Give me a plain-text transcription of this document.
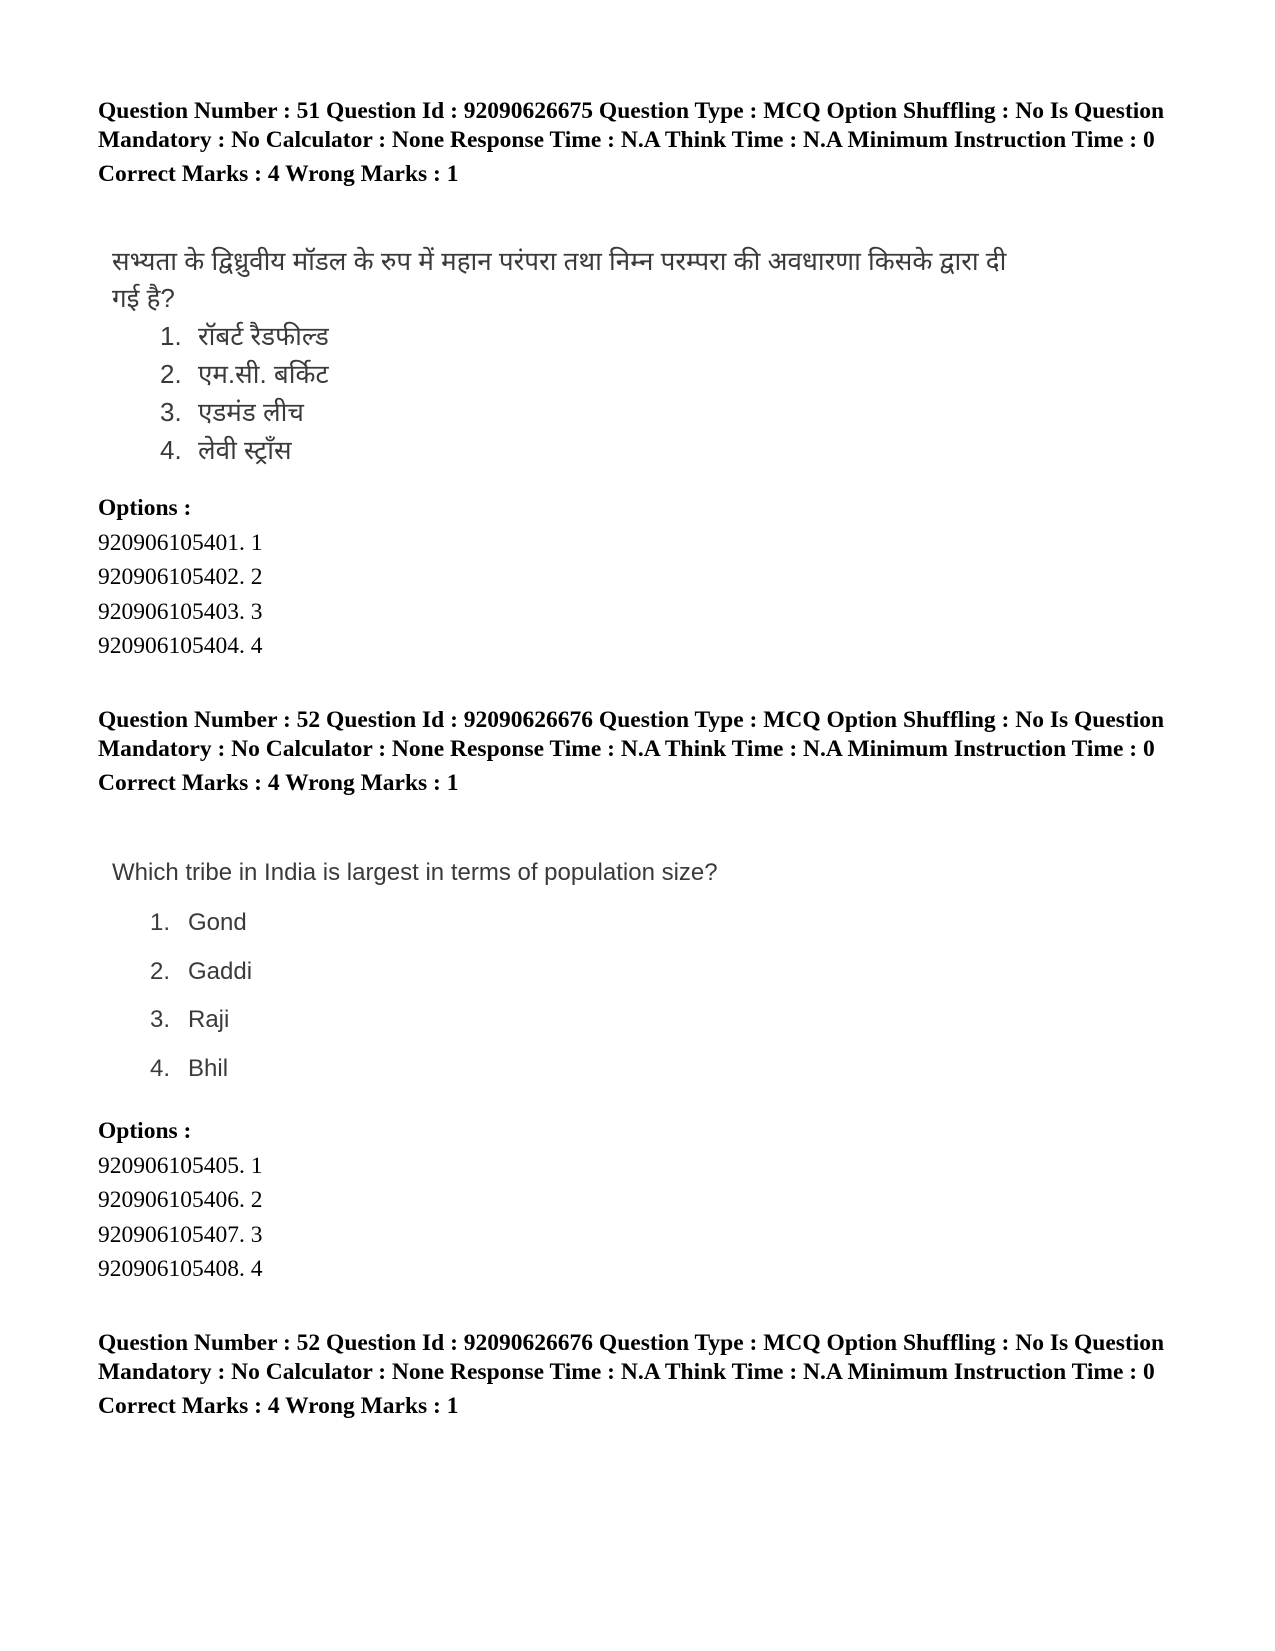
Question Number : 51 Question Id : 92090626675 Question Type : MCQ Option Shuffling : No Is Question Mandatory : No Calculator : None Response Time : N.A Think Time : N.A Minimum Instruction Time : 0
Correct Marks : 4 Wrong Marks : 1
सभ्यता के द्विध्रुवीय मॉडल के रुप में महान परंपरा तथा निम्न परम्परा की अवधारणा किसके द्वारा दी गई है?
1. रॉबर्ट रैडफील्ड
2. एम.सी. बर्किट
3. एडमंड लीच
4. लेवी स्ट्राँस
Options :
920906105401. 1
920906105402. 2
920906105403. 3
920906105404. 4
Question Number : 52 Question Id : 92090626676 Question Type : MCQ Option Shuffling : No Is Question Mandatory : No Calculator : None Response Time : N.A Think Time : N.A Minimum Instruction Time : 0
Correct Marks : 4 Wrong Marks : 1
Which tribe in India is largest in terms of population size?
1. Gond
2. Gaddi
3. Raji
4. Bhil
Options :
920906105405. 1
920906105406. 2
920906105407. 3
920906105408. 4
Question Number : 52 Question Id : 92090626676 Question Type : MCQ Option Shuffling : No Is Question Mandatory : No Calculator : None Response Time : N.A Think Time : N.A Minimum Instruction Time : 0
Correct Marks : 4 Wrong Marks : 1
